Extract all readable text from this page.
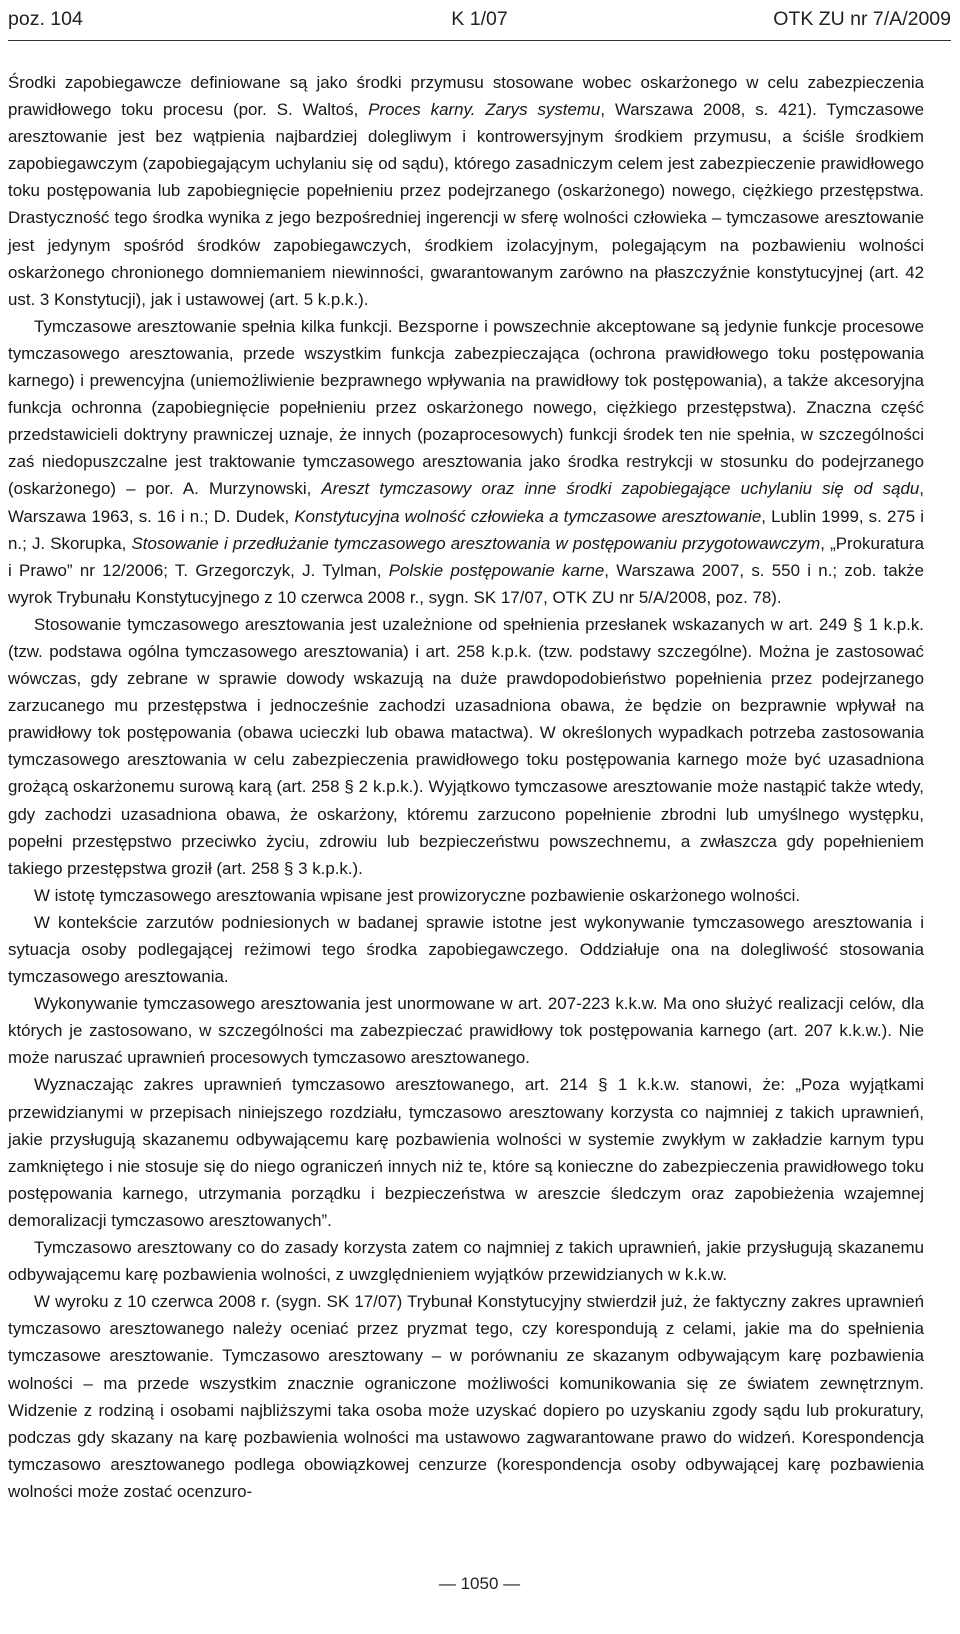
poz. 104	K 1/07	OTK ZU nr 7/A/2009

Środki zapobiegawcze definiowane są jako środki przymusu stosowane wobec oskarżonego w celu zabezpieczenia prawidłowego toku procesu (por. S. Waltoś, Proces karny. Zarys systemu, Warszawa 2008, s. 421). Tymczasowe aresztowanie jest bez wątpienia najbardziej dolegliwym i kontrowersyjnym środkiem przymusu, a ściśle środkiem zapobiegawczym (zapobiegającym uchylaniu się od sądu), którego zasadniczym celem jest zabezpieczenie prawidłowego toku postępowania lub zapobiegnięcie popełnieniu przez podejrzanego (oskarżonego) nowego, ciężkiego przestępstwa. Drastyczność tego środka wynika z jego bezpośredniej ingerencji w sferę wolności człowieka – tymczasowe aresztowanie jest jedynym spośród środków zapobiegawczych, środkiem izolacyjnym, polegającym na pozbawieniu wolności oskarżonego chronionego domniemaniem niewinności, gwarantowanym zarówno na płaszczyźnie konstytucyjnej (art. 42 ust. 3 Konstytucji), jak i ustawowej (art. 5 k.p.k.).

Tymczasowe aresztowanie spełnia kilka funkcji. Bezsporne i powszechnie akceptowane są jedynie funkcje procesowe tymczasowego aresztowania, przede wszystkim funkcja zabezpieczająca (ochrona prawidłowego toku postępowania karnego) i prewencyjna (uniemożliwienie bezprawnego wpływania na prawidłowy tok postępowania), a także akcesoryjna funkcja ochronna (zapobiegnięcie popełnieniu przez oskarżonego nowego, ciężkiego przestępstwa). Znaczna część przedstawicieli doktryny prawniczej uznaje, że innych (pozaprocesowych) funkcji środek ten nie spełnia, w szczególności zaś niedopuszczalne jest traktowanie tymczasowego aresztowania jako środka restrykcji w stosunku do podejrzanego (oskarżonego) – por. A. Murzynowski, Areszt tymczasowy oraz inne środki zapobiegające uchylaniu się od sądu, Warszawa 1963, s. 16 i n.; D. Dudek, Konstytucyjna wolność człowieka a tymczasowe aresztowanie, Lublin 1999, s. 275 i n.; J. Skorupka, Stosowanie i przedłużanie tymczasowego aresztowania w postępowaniu przygotowawczym, „Prokuratura i Prawo” nr 12/2006; T. Grzegorczyk, J. Tylman, Polskie postępowanie karne, Warszawa 2007, s. 550 i n.; zob. także wyrok Trybunału Konstytucyjnego z 10 czerwca 2008 r., sygn. SK 17/07, OTK ZU nr 5/A/2008, poz. 78).

Stosowanie tymczasowego aresztowania jest uzależnione od spełnienia przesłanek wskazanych w art. 249 § 1 k.p.k. (tzw. podstawa ogólna tymczasowego aresztowania) i art. 258 k.p.k. (tzw. podstawy szczególne). Można je zastosować wówczas, gdy zebrane w sprawie dowody wskazują na duże prawdopodobieństwo popełnienia przez podejrzanego zarzucanego mu przestępstwa i jednocześnie zachodzi uzasadniona obawa, że będzie on bezprawnie wpływał na prawidłowy tok postępowania (obawa ucieczki lub obawa matactwa). W określonych wypadkach potrzeba zastosowania tymczasowego aresztowania w celu zabezpieczenia prawidłowego toku postępowania karnego może być uzasadniona grożącą oskarżonemu surową karą (art. 258 § 2 k.p.k.). Wyjątkowo tymczasowe aresztowanie może nastąpić także wtedy, gdy zachodzi uzasadniona obawa, że oskarżony, któremu zarzucono popełnienie zbrodni lub umyślnego występku, popełni przestępstwo przeciwko życiu, zdrowiu lub bezpieczeństwu powszechnemu, a zwłaszcza gdy popełnieniem takiego przestępstwa groził (art. 258 § 3 k.p.k.).

W istotę tymczasowego aresztowania wpisane jest prowizoryczne pozbawienie oskarżonego wolności.

W kontekście zarzutów podniesionych w badanej sprawie istotne jest wykonywanie tymczasowego aresztowania i sytuacja osoby podlegającej reżimowi tego środka zapobiegawczego. Oddziałuje ona na dolegliwość stosowania tymczasowego aresztowania.

Wykonywanie tymczasowego aresztowania jest unormowane w art. 207-223 k.k.w. Ma ono służyć realizacji celów, dla których je zastosowano, w szczególności ma zabezpieczać prawidłowy tok postępowania karnego (art. 207 k.k.w.). Nie może naruszać uprawnień procesowych tymczasowo aresztowanego.

Wyznaczając zakres uprawnień tymczasowo aresztowanego, art. 214 § 1 k.k.w. stanowi, że: „Poza wyjątkami przewidzianymi w przepisach niniejszego rozdziału, tymczasowo aresztowany korzysta co najmniej z takich uprawnień, jakie przysługują skazanemu odbywającemu karę pozbawienia wolności w systemie zwykłym w zakładzie karnym typu zamkniętego i nie stosuje się do niego ograniczeń innych niż te, które są konieczne do zabezpieczenia prawidłowego toku postępowania karnego, utrzymania porządku i bezpieczeństwa w areszcie śledczym oraz zapobieżenia wzajemnej demoralizacji tymczasowo aresztowanych”.

Tymczasowo aresztowany co do zasady korzysta zatem co najmniej z takich uprawnień, jakie przysługują skazanemu odbywającemu karę pozbawienia wolności, z uwzględnieniem wyjątków przewidzianych w k.k.w.

W wyroku z 10 czerwca 2008 r. (sygn. SK 17/07) Trybunał Konstytucyjny stwierdził już, że faktyczny zakres uprawnień tymczasowo aresztowanego należy oceniać przez pryzmat tego, czy korespondują z celami, jakie ma do spełnienia tymczasowe aresztowanie. Tymczasowo aresztowany – w porównaniu ze skazanym odbywającym karę pozbawienia wolności – ma przede wszystkim znacznie ograniczone możliwości komunikowania się ze światem zewnętrznym. Widzenie z rodziną i osobami najbliższymi taka osoba może uzyskać dopiero po uzyskaniu zgody sądu lub prokuratury, podczas gdy skazany na karę pozbawienia wolności ma ustawowo zagwarantowane prawo do widzeń. Korespondencja tymczasowo aresztowanego podlega obowiązkowej cenzurze (korespondencja osoby odbywającej karę pozbawienia wolności może zostać ocenzuro-

— 1050 —
